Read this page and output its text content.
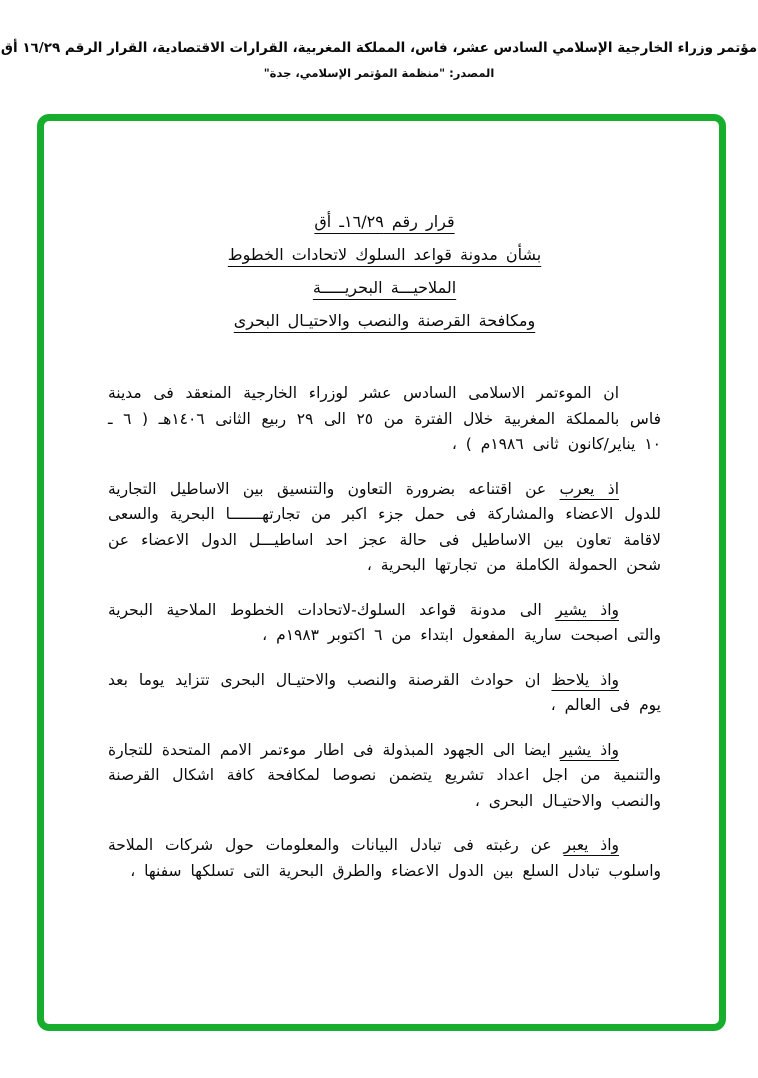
مؤتمر وزراء الخارجية الإسلامي السادس عشر، فاس، المملكة المغربية، القرارات الاقتصادية، القرار الرقم ١٦/٢٩ أق
المصدر: "منظمة المؤتمر الإسلامي، جدة"
قرار رقم ١٦/٢٩ـ أق
بشأن مدونة قواعد السلوك لاتحادات الخطوط
الملاحيـــة البحريـــــة
ومكافحة القرصنة والنصب والاحتيـال البحرى

ان الموءتمر الاسلامى السادس عشر لوزراء الخارجية المنعقد فى مدينة فاس بالمملكة المغربية خلال الفترة من ٢٥ الى ٢٩ ربيع الثانى ١٤٠٦هـ ( ٦ ـ ١٠ يناير/كانون ثانى ١٩٨٦م ) ،

اذ يعرب عن اقتناعه بضرورة التعاون والتنسيق بين الاساطيل التجارية للدول الاعضاء والمشاركة فى حمل جزء اكبر من تجارتهـــــــا البحرية والسعى لاقامة تعاون بين الاساطيل فى حالة عجز احد اساطيـــل الدول الاعضاء عن شحن الحمولة الكاملة من تجارتها البحرية ،

واذ يشير الى مدونة قواعد السلوك-لاتحادات الخطوط الملاحية البحرية والتى اصبحت سارية المفعول ابتداء من ٦ اكتوبر ١٩٨٣م ،

واذ يلاحظ ان حوادث القرصنة والنصب والاحتيـال البحرى تتزايد يوما بعد يوم فى العالم ،

واذ يشير ايضا الى الجهود المبذولة فى اطار موءتمر الامم المتحدة للتجارة والتنمية من اجل اعداد تشريع يتضمن نصوصا لمكافحة كافة اشكال القرصنة والنصب والاحتيـال البحرى ،

واذ يعبر عن رغبته فى تبادل البيانات والمعلومات حول شركات الملاحة واسلوب تبادل السلع بين الدول الاعضاء والطرق البحرية التى تسلكها سفنها ،
